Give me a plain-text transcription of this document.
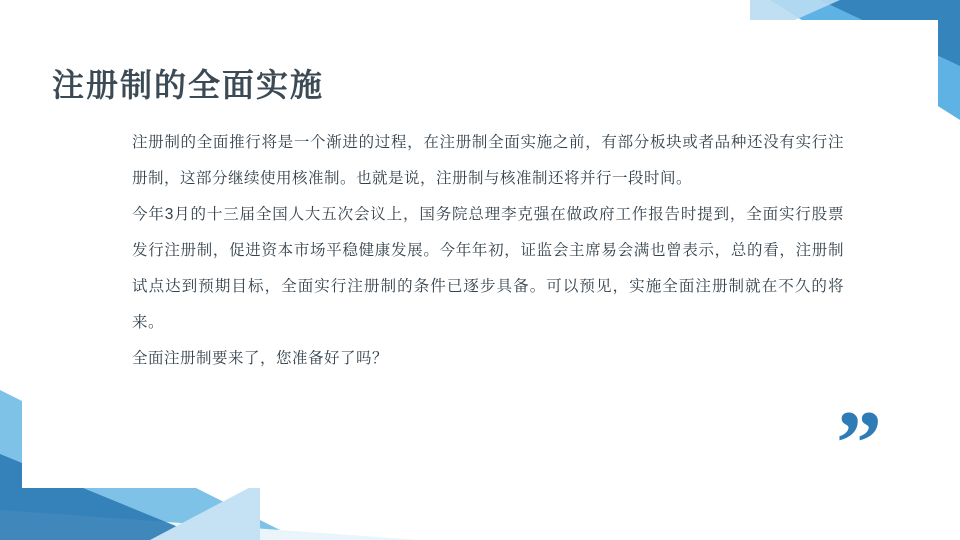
注册制的全面实施

注册制的全面推行将是一个渐进的过程，在注册制全面实施之前，有部分板块或者品种还没有实行注册制，这部分继续使用核准制。也就是说，注册制与核准制还将并行一段时间。

今年3月的十三届全国人大五次会议上，国务院总理李克强在做政府工作报告时提到，全面实行股票发行注册制，促进资本市场平稳健康发展。今年年初，证监会主席易会满也曾表示，总的看，注册制试点达到预期目标，全面实行注册制的条件已逐步具备。可以预见，实施全面注册制就在不久的将来。

全面注册制要来了，您准备好了吗？

”
